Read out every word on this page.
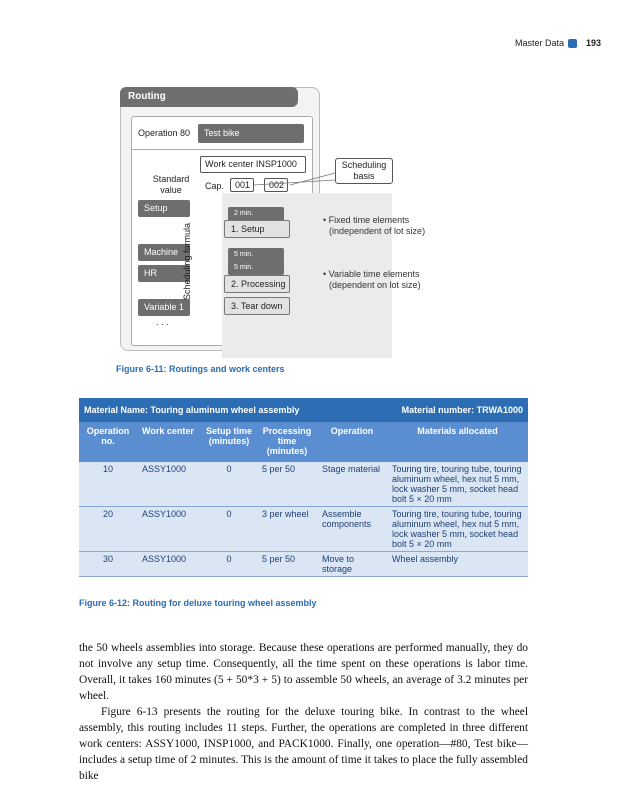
Master Data 193
Routing
Operation 80	Test bike
Work center INSP1000
Standard value	Cap.	001	002
Scheduling basis
Setup
Machine
HR
Variable 1
. . .
Scheduling formula
2 min.
1. Setup
5 min.
5 min.
2. Processing
3. Tear down
• Fixed time elements
(independent of lot size)
• Variable time elements
(dependent on lot size)
Figure 6-11: Routings and work centers
Material Name: Touring aluminum wheel assembly				Material number: TRWA1000	
Operation no.	Work center	Setup time (minutes)	Processing time (minutes)	Operation	Materials allocated
10	ASSY1000	0	5 per 50	Stage material	Touring tire, touring tube, touring aluminum wheel, hex nut 5 mm, lock washer 5 mm, socket head bolt 5 × 20 mm
20	ASSY1000	0	3 per wheel	Assemble components	Touring tire, touring tube, touring aluminum wheel, hex nut 5 mm, lock washer 5 mm, socket head bolt 5 × 20 mm
30	ASSY1000	0	5 per 50	Move to storage	Wheel assembly
Figure 6-12: Routing for deluxe touring wheel assembly

the 50 wheels assemblies into storage. Because these operations are performed manually, they do not involve any setup time. Consequently, all the time spent on these operations is labor time. Overall, it takes 160 minutes (5 + 50*3 + 5) to assemble 50 wheels, an average of 3.2 minutes per wheel.

Figure 6-13 presents the routing for the deluxe touring bike. In contrast to the wheel assembly, this routing includes 11 steps. Further, the operations are completed in three different work centers: ASSY1000, INSP1000, and PACK1000. Finally, one operation—#80, Test bike—includes a setup time of 2 minutes. This is the amount of time it takes to place the fully assembled bike
